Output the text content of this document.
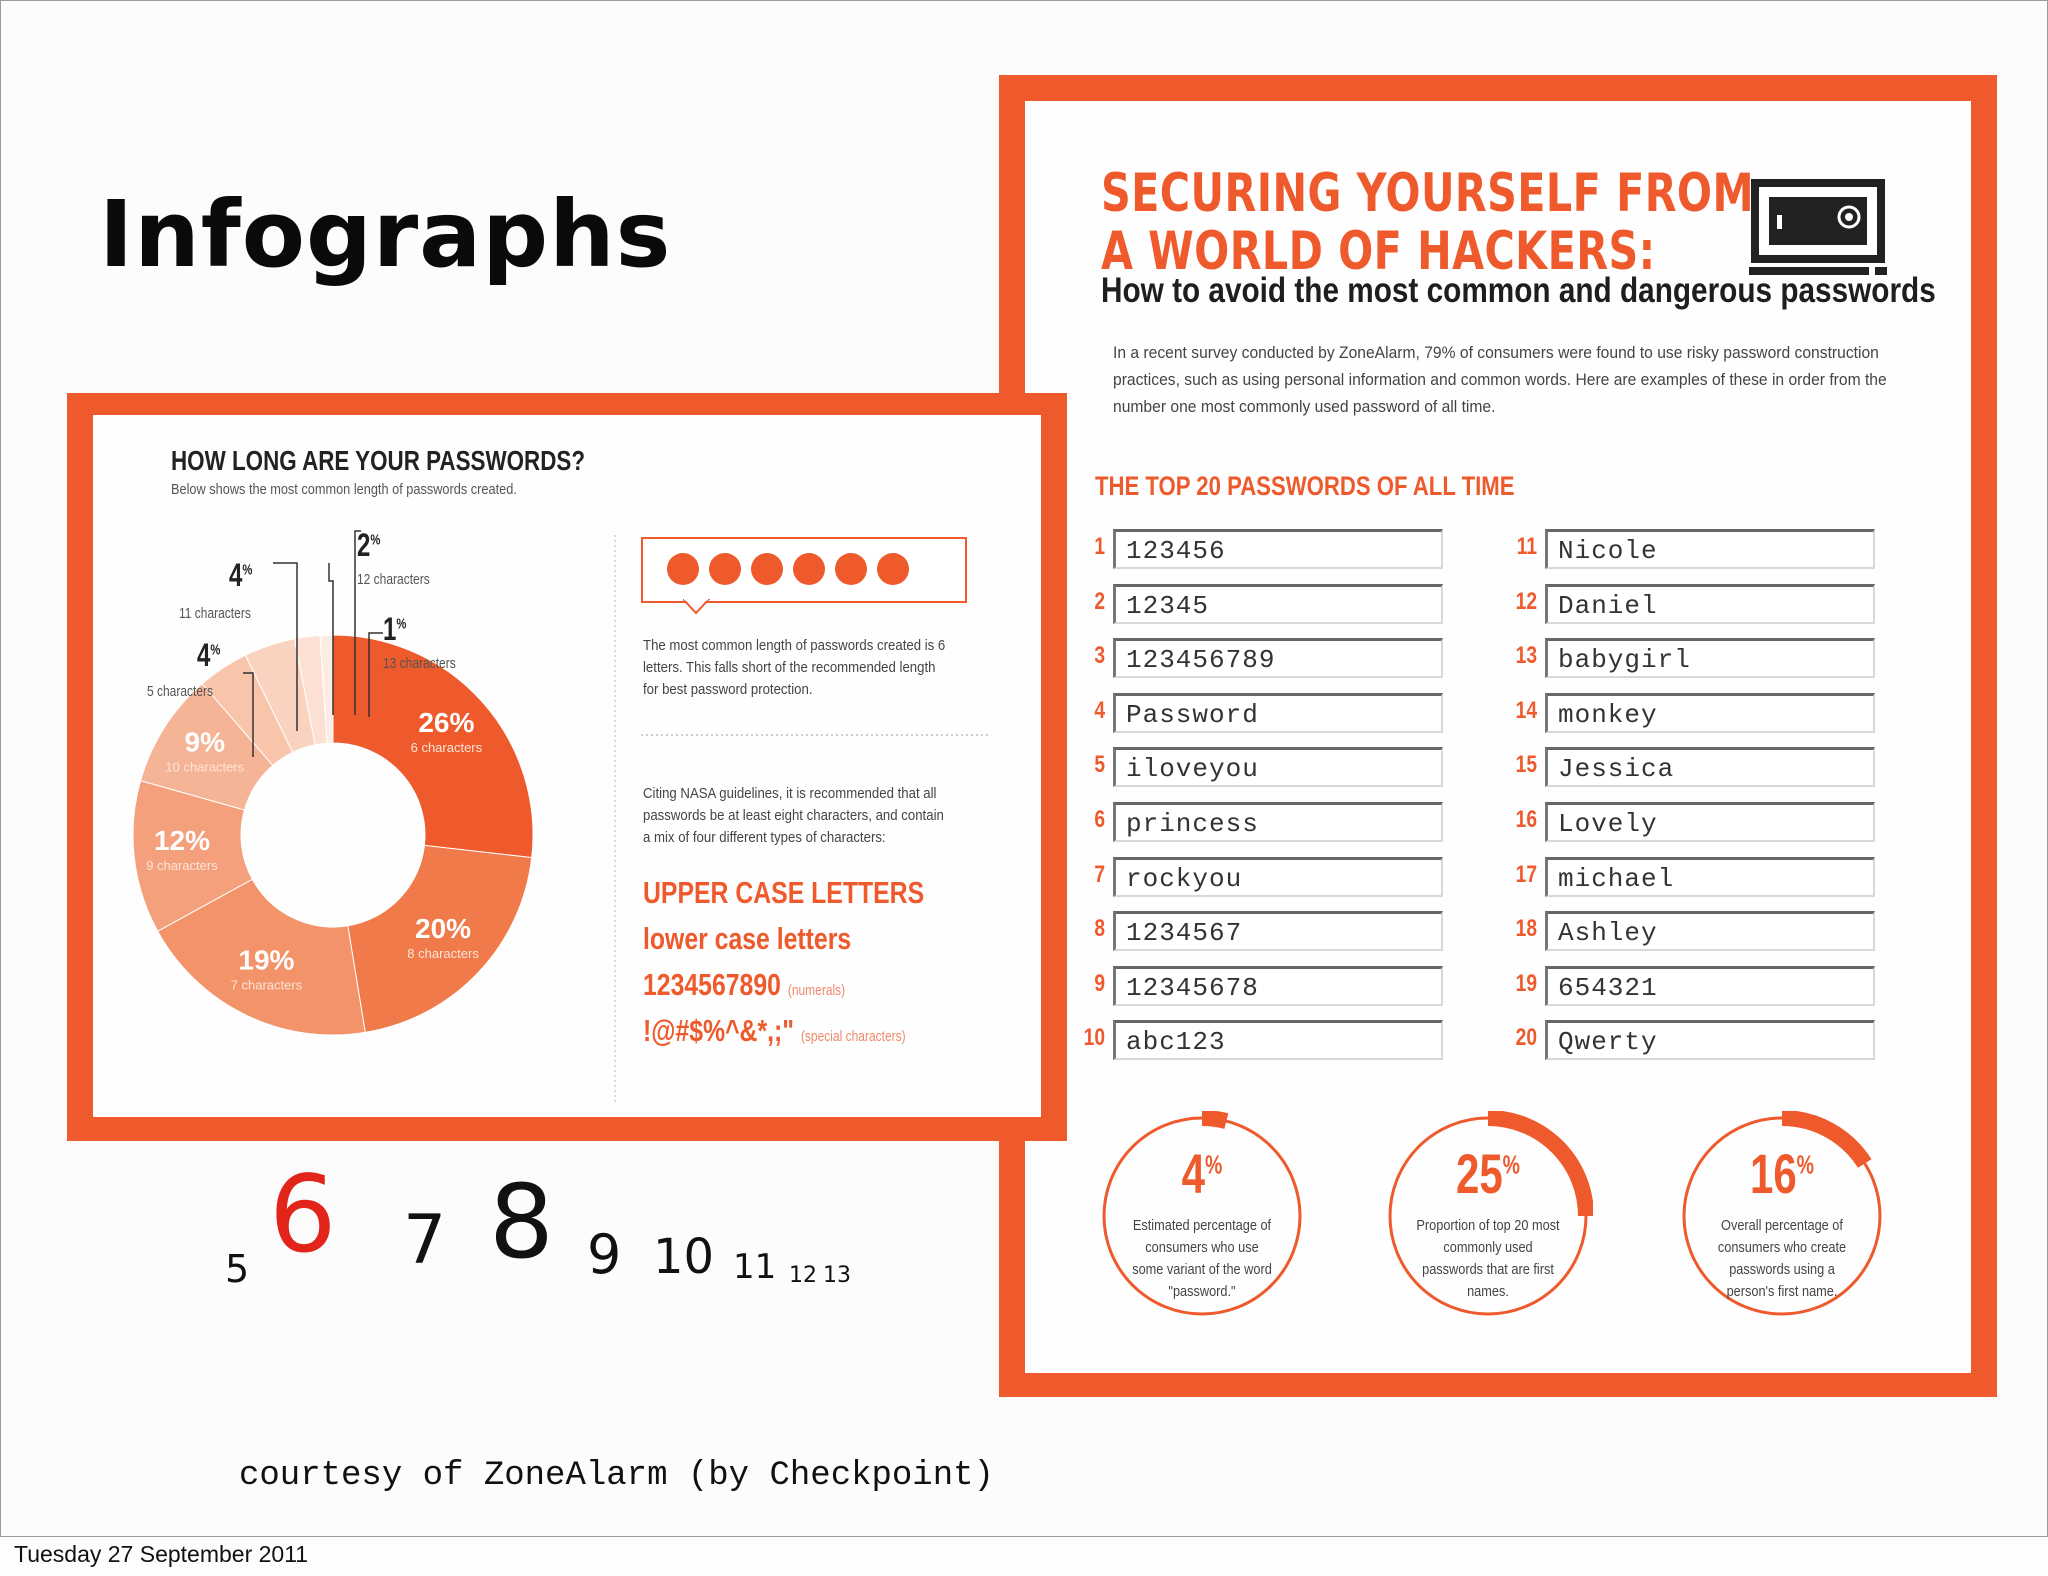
Infographs	SECURING YOURSELF FROM
A WORLD OF HACKERS:
How to avoid the most common and dangerous passwords
In a recent survey conducted by ZoneAlarm, 79% of consumers were found to use risky password construction practices, such as using personal information and common words. Here are examples of these in order from the number one most commonly used password of all time.
THE TOP 20 PASSWORDS OF ALL TIME
1 123456
2 12345
3 123456789
4 Password
5 iloveyou
6 princess
7 rockyou
8 1234567
9 12345678
10 abc123
11 Nicole
12 Daniel
13 babygirl
14 monkey
15 Jessica
16 Lovely
17 michael
18 Ashley
19 654321
20 Qwerty
4%
Estimated percentage of consumers who use some variant of the word "password."
25%
Proportion of top 20 most commonly used passwords that are first names.
16%
Overall percentage of consumers who create passwords using a person's first name.
HOW LONG ARE YOUR PASSWORDS?
Below shows the most common length of passwords created.
26%
6 characters
20%
8 characters
19%
7 characters
12%
9 characters
9%
10 characters
4%
11 characters
2%
12 characters
1%
13 characters
4%
5 characters
The most common length of passwords created is 6 letters. This falls short of the recommended length for best password protection.
Citing NASA guidelines, it is recommended that all passwords be at least eight characters, and contain a mix of four different types of characters:
UPPER CASE LETTERS
lower case letters
1234567890 (numerals)
!@#$%^&*,;" (special characters)
5 6 7 8 9 10 11 12 13
courtesy of ZoneAlarm (by Checkpoint)
Tuesday 27 September 2011
